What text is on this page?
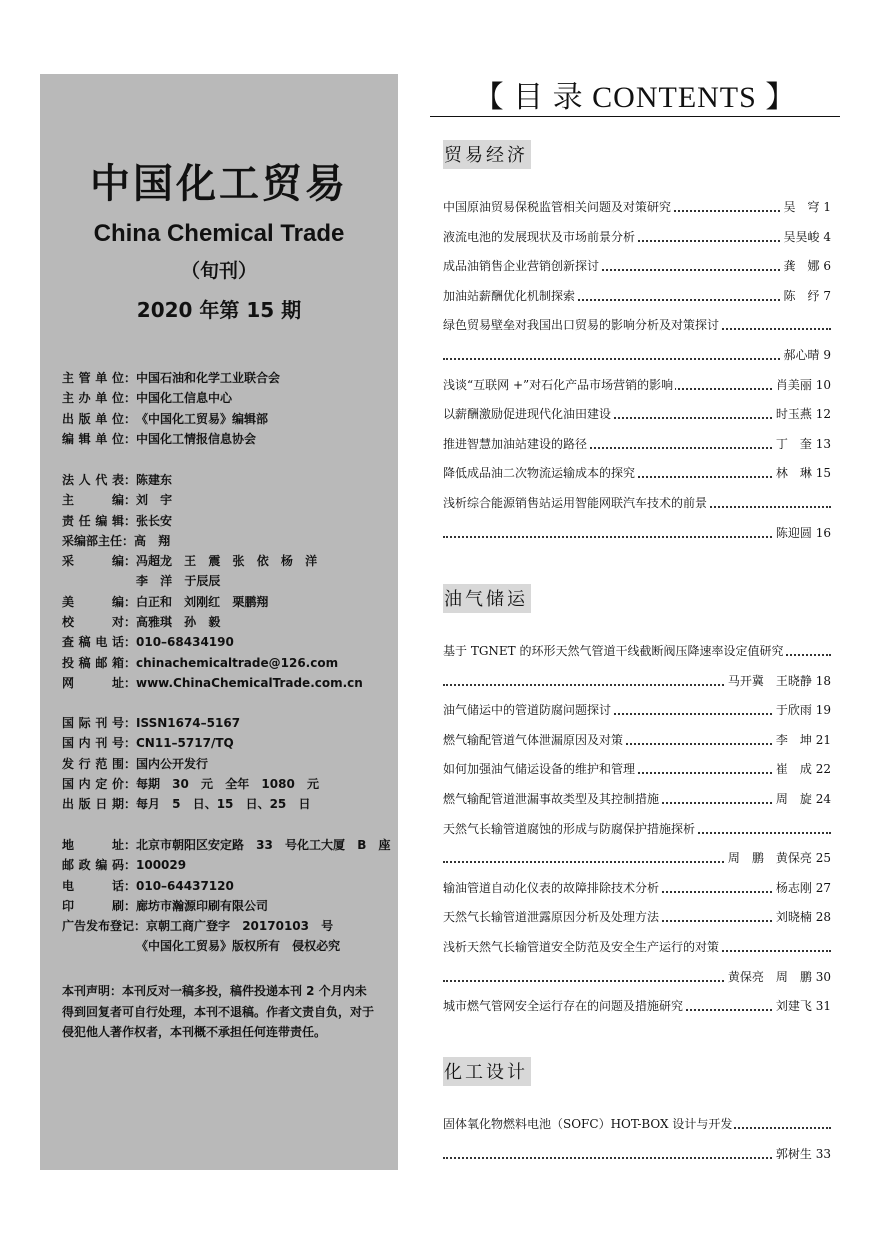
中国化工贸易
China Chemical Trade
（旬刊）
2020 年第 15 期
主管单位 ： 中国石油和化学工业联合会
主办单位 ： 中国化工信息中心
出版单位 ： 《中国化工贸易》编辑部
编辑单位 ： 中国化工情报信息协会
法人代表 ： 陈建东
主编 ： 刘 宇
责任编辑 ： 张长安
采编部主任 ： 高 翔
采编 ： 冯超龙 王 震 张 依 杨 洋
李 洋 于辰辰
美编 ： 白正和 刘刚红 栗鹏翔
校对 ： 高雅琪 孙 毅
查稿电话 ： 010–68434190
投稿邮箱 ： chinachemicaltrade@126.com
网址 ： www.ChinaChemicalTrade.com.cn
国际刊号 ： ISSN1674–5167
国内刊号 ： CN11–5717/TQ
发行范围 ： 国内公开发行
国内定价 ： 每期 30 元 全年 1080 元
出版日期 ： 每月 5 日、15 日、25 日
地址 ： 北京市朝阳区安定路 33 号化工大厦 B 座
邮政编码 ： 100029
电话 ： 010–64437120
印刷 ： 廊坊市瀚源印刷有限公司
广告发布登记 ： 京朝工商广登字 20170103 号
《中国化工贸易》版权所有 侵权必究
本刊声明：本刊反对一稿多投，稿件投递本刊 2 个月内未得到回复者可自行处理，本刊不退稿。作者文责自负，对于侵犯他人著作权者，本刊概不承担任何连带责任。
【 目 录 CONTENTS 】
贸易经济
中国原油贸易保税监管相关问题及对策研究	吴　穹 1
液流电池的发展现状及市场前景分析	吴昊峻 4
成品油销售企业营销创新探讨	龚　娜 6
加油站薪酬优化机制探索	陈　纾 7
绿色贸易壁垒对我国出口贸易的影响分析及对策探讨
郝心晴 9
浅谈“互联网 +”对石化产品市场营销的影响	肖美丽 10
以薪酬激励促进现代化油田建设	时玉燕 12
推进智慧加油站建设的路径	丁　奎 13
降低成品油二次物流运输成本的探究	林　琳 15
浅析综合能源销售站运用智能网联汽车技术的前景
陈迎圆 16
油气储运
基于 TGNET 的环形天然气管道干线截断阀压降速率设定值研究
马开冀　王晓静 18
油气储运中的管道防腐问题探讨	于欣雨 19
燃气输配管道气体泄漏原因及对策	李　坤 21
如何加强油气储运设备的维护和管理	崔　成 22
燃气输配管道泄漏事故类型及其控制措施	周　旋 24
天然气长输管道腐蚀的形成与防腐保护措施探析
周　鹏　黄保亮 25
输油管道自动化仪表的故障排除技术分析	杨志刚 27
天然气长输管道泄露原因分析及处理方法	刘晓楠 28
浅析天然气长输管道安全防范及安全生产运行的对策
黄保亮　周　鹏 30
城市燃气管网安全运行存在的问题及措施研究	刘建飞 31
化工设计
固体氧化物燃料电池（SOFC）HOT-BOX 设计与开发
郭树生 33
